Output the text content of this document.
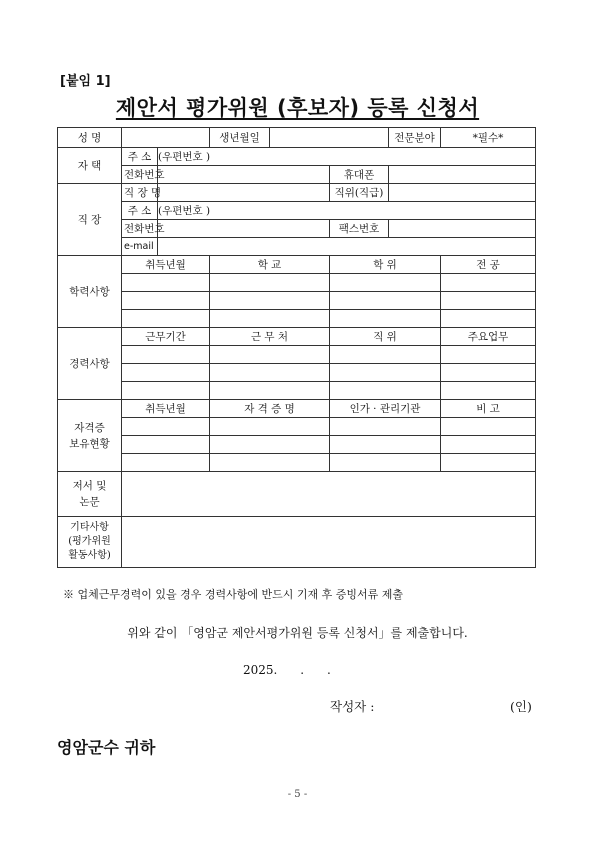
[붙임 1]
제안서 평가위원 (후보자) 등록 신청서
성 명			생년월일			전문분야	*필수*
자 택	주 소	(우편번호 )					
	전화번호				휴대폰		
직 장	직 장 명				직위(직급)		
	주 소	(우편번호 )					
	전화번호				팩스번호		
	e-mail						
학력사항	취득년월		학 교		학 위		전 공

경력사항	근무기간		근 무 처		직 위		주요업무

자격증
보유현황	취득년월		자 격 증 명		인가 · 관리기관		비 고

저서 및
논문							
기타사항
(평가위원
활동사항)							
※ 업체근무경력이 있을 경우 경력사항에 반드시 기재 후 증빙서류 제출
위와 같이 「영암군 제안서평가위원 등록 신청서」를 제출합니다.
2025.      .      .
작성자 :	(인)
영암군수 귀하
- 5 -
